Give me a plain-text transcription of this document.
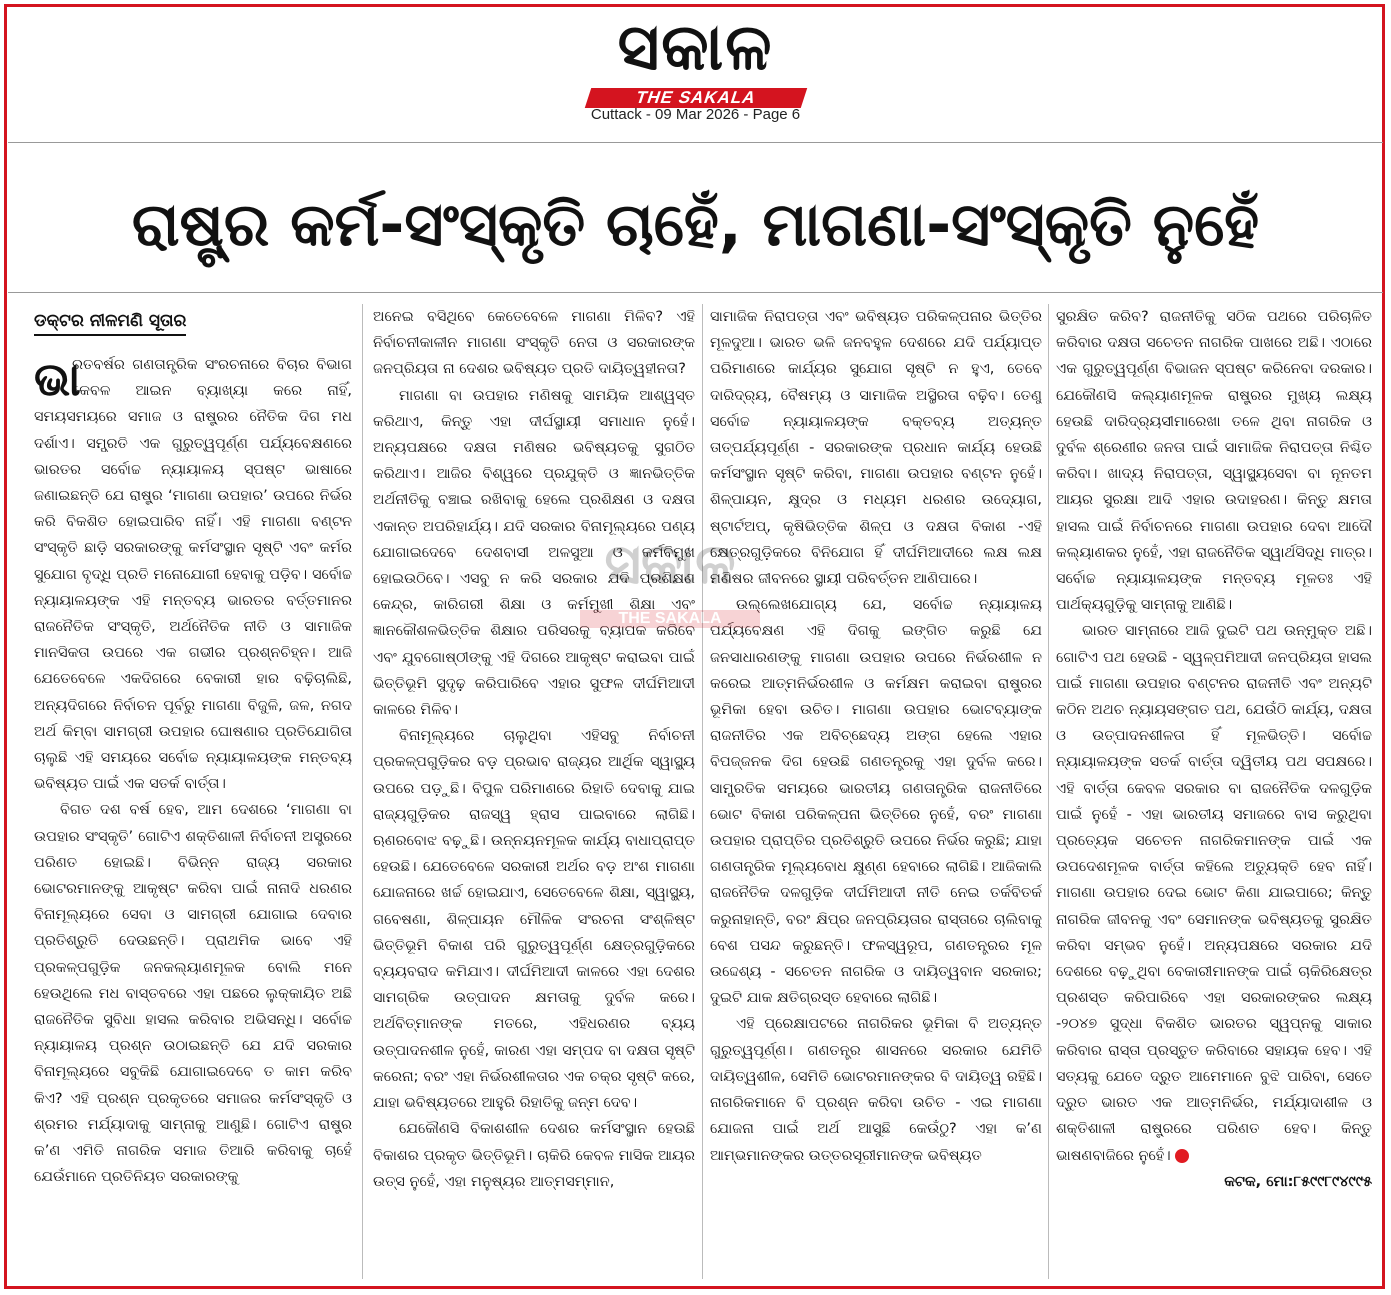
ସକାଳ
THE SAKALA
Cuttack - 09 Mar 2026 - Page 6
ରାଷ୍ଟ୍ର କର୍ମ-ସଂସ୍କୃତି ଚାହେଁ, ମାଗଣା-ସଂସ୍କୃତି ନୁହେଁ
ଡକ୍ଟର ନୀଳମଣି ସୂତାର

ଭା
ରତବର୍ଷର ଗଣତାନ୍ତ୍ରିକ ସଂରଚନାରେ ବିଚାର ବିଭାଗ କେବଳ ଆଇନ ବ୍ୟାଖ୍ୟା କରେ ନାହିଁ, ସମୟସମୟରେ ସମାଜ ଓ ରାଷ୍ଟ୍ରର ନୈତିକ ଦିଗ ମଧ ଦର୍ଶାଏ। ସମ୍ପ୍ରତି ଏକ ଗୁରୁତ୍ୱପୂର୍ଣ୍ଣ ପର୍ଯ୍ୟବେକ୍ଷଣରେ ଭାରତର ସର୍ବୋଚ୍ଚ ନ୍ୟାୟାଳୟ ସ୍ପଷ୍ଟ ଭାଷାରେ ଜଣାଇଛନ୍ତି ଯେ ରାଷ୍ଟ୍ର ‘ମାଗଣା ଉପହାର’ ଉପରେ ନିର୍ଭର କରି ବିକଶିତ ହୋଇପାରିବ ନାହିଁ। ଏହି ମାଗଣା ବଣ୍ଟନ ସଂସ୍କୃତି ଛାଡ଼ି ସରକାରଙ୍କୁ କର୍ମସଂସ୍ଥାନ ସୃଷ୍ଟି ଏବଂ କର୍ମର ସୁଯୋଗ ବୃଦ୍ଧି ପ୍ରତି ମନୋଯୋଗୀ ହେବାକୁ ପଡ଼ିବ। ସର୍ବୋଚ୍ଚ ନ୍ୟାୟାଳୟଙ୍କ ଏହି ମନ୍ତବ୍ୟ ଭାରତର ବର୍ତ୍ତମାନର ରାଜନୈତିକ ସଂସ୍କୃତି, ଅର୍ଥନୈତିକ ନୀତି ଓ ସାମାଜିକ ମାନସିକତା ଉପରେ ଏକ ଗଭୀର ପ୍ରଶ୍ନଚିହ୍ନ। ଆଜି ଯେତେବେଳେ ଏକଦିଗରେ ବେକାରୀ ହାର ବଢ଼ିଚାଲିଛି, ଅନ୍ୟଦିଗରେ ନିର୍ବାଚନ ପୂର୍ବରୁ ମାଗଣା ବିଜୁଳି, ଜଳ, ନଗଦ ଅର୍ଥ କିମ୍ବା ସାମଗ୍ରୀ ଉପହାର ଘୋଷଣାର ପ୍ରତିଯୋଗିତା ଚାଲୁଛି ଏହି ସମୟରେ ସର୍ବୋଚ୍ଚ ନ୍ୟାୟାଳୟଙ୍କ ମନ୍ତବ୍ୟ ଭବିଷ୍ୟତ ପାଇଁ ଏକ ସତର୍କ ବାର୍ତ୍ତା।

ବିଗତ ଦଶ ବର୍ଷ ହେବ, ଆମ ଦେଶରେ ‘ମାଗଣା ବା ଉପହାର ସଂସ୍କୃତି’ ଗୋଟିଏ ଶକ୍ତିଶାଳୀ ନିର୍ବାଚନୀ ଅସ୍ତ୍ରରେ ପରିଣତ ହୋଇଛି। ବିଭିନ୍ନ ରାଜ୍ୟ ସରକାର ଭୋଟରମାନଙ୍କୁ ଆକୃଷ୍ଟ କରିବା ପାଇଁ ନାନାଦି ଧରଣର ବିନାମୂଲ୍ୟରେ ସେବା ଓ ସାମଗ୍ରୀ ଯୋଗାଇ ଦେବାର ପ୍ରତିଶ୍ରୁତି ଦେଉଛନ୍ତି। ପ୍ରାଥମିକ ଭାବେ ଏହି ପ୍ରକଳ୍ପଗୁଡ଼ିକ ଜନକଲ୍ୟାଣମୂଳକ ବୋଲି ମନେ ହେଉଥିଲେ ମଧ ବାସ୍ତବରେ ଏହା ପଛରେ ଲୁକ୍କାୟିତ ଅଛି ରାଜନୈତିକ ସୁବିଧା ହାସଲ କରିବାର ଅଭିସନ୍ଧି। ସର୍ବୋଚ୍ଚ ନ୍ୟାୟାଳୟ ପ୍ରଶ୍ନ ଉଠାଇଛନ୍ତି ଯେ ଯଦି ସରକାର ବିନାମୂଲ୍ୟରେ ସବୁକିଛି ଯୋଗାଇଦେବେ ତ କାମ କରିବ କିଏ? ଏହି ପ୍ରଶ୍ନ ପ୍ରକୃତରେ ସମାଜର କର୍ମସଂସ୍କୃତି ଓ ଶ୍ରମର ମର୍ଯ୍ୟାଦାକୁ ସାମ୍ନାକୁ ଆଣୁଛି। ଗୋଟିଏ ରାଷ୍ଟ୍ର କ’ଣ ଏମିତି ନାଗରିକ ସମାଜ ତିଆରି କରିବାକୁ ଚାହେଁ ଯେଉଁମାନେ ପ୍ରତିନିୟତ ସରକାରଙ୍କୁ

ଅନେଇ ବସିଥିବେ କେତେବେଳେ ମାଗଣା ମିଳିବ? ଏହି ନିର୍ବାଚନୀକାଳୀନ ମାଗଣା ସଂସ୍କୃତି ନେତା ଓ ସରକାରଙ୍କ ଜନପ୍ରିୟତା ନା ଦେଶର ଭବିଷ୍ୟତ ପ୍ରତି ଦାୟିତ୍ୱହୀନତା?

ମାଗଣା ବା ଉପହାର ମଣିଷକୁ ସାମୟିକ ଆଶ୍ୱସ୍ତ କରିଥାଏ, କିନ୍ତୁ ଏହା ଦୀର୍ଘସ୍ଥାୟୀ ସମାଧାନ ନୁହେଁ। ଅନ୍ୟପକ୍ଷରେ ଦକ୍ଷତା ମଣିଷର ଭବିଷ୍ୟତକୁ ସୁଗଠିତ କରିଥାଏ। ଆଜିର ବିଶ୍ୱରେ ପ୍ରଯୁକ୍ତି ଓ ଜ୍ଞାନଭିତ୍ତିକ ଅର୍ଥନୀତିକୁ ବଞ୍ଚାଇ ରଖିବାକୁ ହେଲେ ପ୍ରଶିକ୍ଷଣ ଓ ଦକ୍ଷତା ଏକାନ୍ତ ଅପରିହାର୍ଯ୍ୟ। ଯଦି ସରକାର ବିନାମୂଲ୍ୟରେ ପଣ୍ୟ ଯୋଗାଇଦେବେ ଦେଶବାସୀ ଅଳସୁଆ ଓ କର୍ମବିମୁଖ ହୋଇଉଠିବେ। ଏସବୁ ନ କରି ସରକାର ଯଦି ପ୍ରଶିକ୍ଷଣ କେନ୍ଦ୍ର, କାରିଗରୀ ଶିକ୍ଷା ଓ କର୍ମମୁଖୀ ଶିକ୍ଷା ଏବଂ ଜ୍ଞାନକୌଶଳଭିତ୍ତିକ ଶିକ୍ଷାର ପରିସରକୁ ବ୍ୟାପକ କରିବେ ଏବଂ ଯୁବଗୋଷ୍ଠୀଙ୍କୁ ଏହି ଦିଗରେ ଆକୃଷ୍ଟ କରାଇବା ପାଇଁ ଭିତ୍ତିଭୂମି ସୁଦୃଢ଼ କରିପାରିବେ ଏହାର ସୁଫଳ ଦୀର୍ଘମିଆଦୀ କାଳରେ ମିଳିବ।

ବିନାମୂଲ୍ୟରେ ଚାଲୁଥିବା ଏହିସବୁ ନିର୍ବାଚନୀ ପ୍ରକଳ୍ପଗୁଡ଼ିକର ବଡ଼ ପ୍ରଭାବ ରାଜ୍ୟର ଆର୍ଥିକ ସ୍ୱାସ୍ଥ୍ୟ ଉପରେ ପଡ଼ୁଛି। ବିପୁଳ ପରିମାଣରେ ରିହାତି ଦେବାକୁ ଯାଇ ରାଜ୍ୟଗୁଡ଼ିକର ରାଜସ୍ୱ ହ୍ରାସ ପାଇବାରେ ଲାଗିଛି। ଋଣରବୋଝ ବଢ଼ୁଛି। ଉନ୍ନୟନମୂଳକ କାର୍ଯ୍ୟ ବାଧାପ୍ରାପ୍ତ ହେଉଛି। ଯେତେବେଳେ ସରକାରୀ ଅର୍ଥର ବଡ଼ ଅଂଶ ମାଗଣା ଯୋଜନାରେ ଖର୍ଚ୍ଚ ହୋଇଯାଏ, ସେତେବେଳେ ଶିକ୍ଷା, ସ୍ୱାସ୍ଥ୍ୟ, ଗବେଷଣା, ଶିଳ୍ପାୟନ ମୌଳିକ ସଂରଚନା ସଂଶ୍ଳିଷ୍ଟ ଭିତ୍ତିଭୂମି ବିକାଶ ପରି ଗୁରୁତ୍ୱପୂର୍ଣ୍ଣ କ୍ଷେତ୍ରଗୁଡ଼ିକରେ ବ୍ୟୟବରାଦ କମିଯାଏ। ଦୀର୍ଘମିଆଦୀ କାଳରେ ଏହା ଦେଶର ସାମଗ୍ରିକ ଉତ୍ପାଦନ କ୍ଷମତାକୁ ଦୁର୍ବଳ କରେ। ଅର୍ଥବିତ୍‌ମାନଙ୍କ ମତରେ, ଏହିଧରଣର ବ୍ୟୟ ଉତ୍ପାଦନଶୀଳ ନୁହେଁ, କାରଣ ଏହା ସମ୍ପଦ ବା ଦକ୍ଷତା ସୃଷ୍ଟି କରେନା; ବରଂ ଏହା ନିର୍ଭରଶୀଳତାର ଏକ ଚକ୍ର ସୃଷ୍ଟି କରେ, ଯାହା ଭବିଷ୍ୟତରେ ଆହୁରି ରିହାତିକୁ ଜନ୍ମ ଦେବ।

ଯେକୌଣସି ବିକାଶଶୀଳ ଦେଶର କର୍ମସଂସ୍ଥାନ ହେଉଛି ବିକାଶର ପ୍ରକୃତ ଭିତ୍ତିଭୂମି। ଚାକିରି କେବଳ ମାସିକ ଆୟର ଉତ୍ସ ନୁହେଁ, ଏହା ମନୁଷ୍ୟର ଆତ୍ମସମ୍ମାନ,

ସାମାଜିକ ନିରାପତ୍ତା ଏବଂ ଭବିଷ୍ୟତ ପରିକଳ୍ପନାର ଭିତ୍ତିର ମୂଳଦୁଆ। ଭାରତ ଭଳି ଜନବହୁଳ ଦେଶରେ ଯଦି ପର୍ଯ୍ୟାପ୍ତ ପରିମାଣରେ କାର୍ଯ୍ୟର ସୁଯୋଗ ସୃଷ୍ଟି ନ ହୁଏ, ତେବେ ଦାରିଦ୍ର୍ୟ, ବୈଷମ୍ୟ ଓ ସାମାଜିକ ଅସ୍ଥିରତା ବଢ଼ିବ। ତେଣୁ ସର୍ବୋଚ୍ଚ ନ୍ୟାୟାଳୟଙ୍କ ବକ୍ତବ୍ୟ ଅତ୍ୟନ୍ତ ତାତ୍ପର୍ଯ୍ୟପୂର୍ଣ୍ଣ - ସରକାରଙ୍କ ପ୍ରଧାନ କାର୍ଯ୍ୟ ହେଉଛି କର୍ମସଂସ୍ଥାନ ସୃଷ୍ଟି କରିବା, ମାଗଣା ଉପହାର ବଣ୍ଟନ ନୁହେଁ। ଶିଳ୍ପାୟନ, କ୍ଷୁଦ୍ର ଓ ମଧ୍ୟମ ଧରଣର ଉଦ୍ୟୋଗ, ଷ୍ଟାର୍ଟଅପ୍, କୃଷିଭିତ୍ତିକ ଶିଳ୍ପ ଓ ଦକ୍ଷତା ବିକାଶ -ଏହି କ୍ଷେତ୍ରଗୁଡ଼ିକରେ ବିନିଯୋଗ ହିଁ ଦୀର୍ଘମିଆଦୀରେ ଲକ୍ଷ ଲକ୍ଷ ମଣିଷର ଜୀବନରେ ସ୍ଥାୟୀ ପରିବର୍ତ୍ତନ ଆଣିପାରେ।

ଉଲ୍ଲେଖଯୋଗ୍ୟ ଯେ, ସର୍ବୋଚ୍ଚ ନ୍ୟାୟାଳୟ ପର୍ଯ୍ୟବେକ୍ଷଣ ଏହି ଦିଗକୁ ଇଙ୍ଗିତ କରୁଛି ଯେ ଜନସାଧାରଣଙ୍କୁ ମାଗଣା ଉପହାର ଉପରେ ନିର୍ଭରଶୀଳ ନ କରେଇ ଆତ୍ମନିର୍ଭରଶୀଳ ଓ କର୍ମକ୍ଷମ କରାଇବା ରାଷ୍ଟ୍ରର ଭୂମିକା ହେବା ଉଚିତ। ମାଗଣା ଉପହାର ଭୋଟବ୍ୟାଙ୍କ ରାଜନୀତିର ଏକ ଅବିଚ୍ଛେଦ୍ୟ ଅଙ୍ଗ ହେଲେ ଏହାର ବିପଜ୍ଜନକ ଦିଗ ହେଉଛି ଗଣତନ୍ତ୍ରକୁ ଏହା ଦୁର୍ବଳ କରେ। ସାମ୍ପ୍ରତିକ ସମୟରେ ଭାରତୀୟ ଗଣତାନ୍ତ୍ରିକ ରାଜନୀତିରେ ଭୋଟ ବିକାଶ ପରିକଳ୍ପନା ଭିତ୍ତିରେ ନୁହେଁ, ବରଂ ମାଗଣା ଉପହାର ପ୍ରାପ୍ତିର ପ୍ରତିଶ୍ରୁତି ଉପରେ ନିର୍ଭର କରୁଛି; ଯାହା ଗଣତାନ୍ତ୍ରିକ ମୂଲ୍ୟବୋଧ କ୍ଷୁଣ୍ଣ ହେବାରେ ଲାଗିଛି। ଆଜିକାଲି ରାଜନୈତିକ ଦଳଗୁଡ଼ିକ ଦୀର୍ଘମିଆଦୀ ନୀତି ନେଇ ତର୍କବିତର୍କ କରୁନାହାନ୍ତି, ବରଂ କ୍ଷିପ୍ର ଜନପ୍ରିୟତାର ରାସ୍ତାରେ ଚାଲିବାକୁ ବେଶ ପସନ୍ଦ କରୁଛନ୍ତି। ଫଳସ୍ୱରୂପ, ଗଣତନ୍ତ୍ରର ମୂଳ ଉଦ୍ଦେଶ୍ୟ - ସଚେତନ ନାଗରିକ ଓ ଦାୟିତ୍ୱବାନ ସରକାର; ଦୁଇଟି ଯାକ କ୍ଷତିଗ୍ରସ୍ତ ହେବାରେ ଲାଗିଛି।

ଏହି ପ୍ରେକ୍ଷାପଟରେ ନାଗରିକର ଭୂମିକା ବି ଅତ୍ୟନ୍ତ ଗୁରୁତ୍ୱପୂର୍ଣ୍ଣ। ଗଣତନ୍ତ୍ର ଶାସନରେ ସରକାର ଯେମିତି ଦାୟିତ୍ୱଶୀଳ, ସେମିତି ଭୋଟରମାନଙ୍କର ବି ଦାୟିତ୍ୱ ରହିଛି। ନାଗରିକମାନେ ବି ପ୍ରଶ୍ନ କରିବା ଉଚିତ - ଏଇ ମାଗଣା ଯୋଜନା ପାଇଁ ଅର୍ଥ ଆସୁଛି କେଉଁଠୁ? ଏହା କ’ଣ ଆମ୍ଭମାନଙ୍କର ଉତ୍ତରସୂରୀମାନଙ୍କ ଭବିଷ୍ୟତ

ସୁରକ୍ଷିତ କରିବ? ରାଜନୀତିକୁ ସଠିକ ପଥରେ ପରିଚାଳିତ କରିବାର ଦକ୍ଷତା ସଚେତନ ନାଗରିକ ପାଖରେ ଅଛି। ଏଠାରେ ଏକ ଗୁରୁତ୍ୱପୂର୍ଣ୍ଣ ବିଭାଜନ ସ୍ପଷ୍ଟ କରିନେବା ଦରକାର। ଯେକୌଣସି କଲ୍ୟାଣମୂଳକ ରାଷ୍ଟ୍ରର ମୁଖ୍ୟ ଲକ୍ଷ୍ୟ ହେଉଛି ଦାରିଦ୍ର୍ୟସୀମାରେଖା ତଳେ ଥିବା ନାଗରିକ ଓ ଦୁର୍ବଳ ଶ୍ରେଣୀର ଜନତା ପାଇଁ ସାମାଜିକ ନିରାପତ୍ତା ନିଶ୍ଚିତ କରିବା। ଖାଦ୍ୟ ନିରାପତ୍ତା, ସ୍ୱାସ୍ଥ୍ୟସେବା ବା ନୂନତମ ଆୟର ସୁରକ୍ଷା ଆଦି ଏହାର ଉଦାହରଣ। କିନ୍ତୁ କ୍ଷମତା ହାସଲ ପାଇଁ ନିର୍ବାଚନରେ ମାଗଣା ଉପହାର ଦେବା ଆଦୌ କଲ୍ୟାଣକର ନୁହେଁ, ଏହା ରାଜନୈତିକ ସ୍ୱାର୍ଥସିଦ୍ଧି ମାତ୍ର। ସର୍ବୋଚ୍ଚ ନ୍ୟାୟାଳୟଙ୍କ ମନ୍ତବ୍ୟ ମୂଳତଃ ଏହି ପାର୍ଥକ୍ୟଗୁଡ଼ିକୁ ସାମ୍ନାକୁ ଆଣିଛି।

ଭାରତ ସାମ୍ନାରେ ଆଜି ଦୁଇଟି ପଥ ଉନ୍ମୁକ୍ତ ଅଛି। ଗୋଟିଏ ପଥ ହେଉଛି - ସ୍ୱଳ୍ପମିଆଦୀ ଜନପ୍ରିୟତା ହାସଲ ପାଇଁ ମାଗଣା ଉପହାର ବଣ୍ଟନର ରାଜନୀତି ଏବଂ ଅନ୍ୟଟି କଠିନ ଅଥଚ ନ୍ୟାୟସଙ୍ଗତ ପଥ, ଯେଉଁଠି କାର୍ଯ୍ୟ, ଦକ୍ଷତା ଓ ଉତ୍ପାଦନଶୀଳତା ହିଁ ମୂଳଭିତ୍ତି। ସର୍ବୋଚ୍ଚ ନ୍ୟାୟାଳୟଙ୍କ ସତର୍କ ବାର୍ତ୍ତା ଦ୍ୱିତୀୟ ପଥ ସପକ୍ଷରେ। ଏହି ବାର୍ତ୍ତା କେବଳ ସରକାର ବା ରାଜନୈତିକ ଦଳଗୁଡ଼ିକ ପାଇଁ ନୁହେଁ - ଏହା ଭାରତୀୟ ସମାଜରେ ବାସ କରୁଥିବା ପ୍ରତ୍ୟେକ ସଚେତନ ନାଗରିକମାନଙ୍କ ପାଇଁ ଏକ ଉପଦେଶମୂଳକ ବାର୍ତ୍ତା କହିଲେ ଅତ୍ୟୁକ୍ତି ହେବ ନାହିଁ। ମାଗଣା ଉପହାର ଦେଇ ଭୋଟ କିଣା ଯାଇପାରେ; କିନ୍ତୁ ନାଗରିକ ଜୀବନକୁ ଏବଂ ସେମାନଙ୍କ ଭବିଷ୍ୟତକୁ ସୁରକ୍ଷିତ କରିବା ସମ୍ଭବ ନୁହେଁ। ଅନ୍ୟପକ୍ଷରେ ସରକାର ଯଦି ଦେଶରେ ବଢ଼ୁଥିବା ବେକାରୀମାନଙ୍କ ପାଇଁ ଚାକିରିକ୍ଷେତ୍ର ପ୍ରଶସ୍ତ କରିପାରିବେ ଏହା ସରକାରଙ୍କର ଲକ୍ଷ୍ୟ -୨୦୪୭ ସୁଦ୍ଧା ବିକଶିତ ଭାରତର ସ୍ୱପ୍ନକୁ ସାକାର କରିବାର ରାସ୍ତା ପ୍ରସ୍ତୁତ କରିବାରେ ସହାୟକ ହେବ। ଏହି ସତ୍ୟକୁ ଯେତେ ଦ୍ରୁତ ଆମେମାନେ ବୁଝି ପାରିବା, ସେତେ ଦ୍ରୁତ ଭାରତ ଏକ ଆତ୍ମନିର୍ଭର, ମର୍ଯ୍ୟାଦାଶୀଳ ଓ ଶକ୍ତିଶାଳୀ ରାଷ୍ଟ୍ରରେ ପରିଣତ ହେବ। କିନ୍ତୁ ଭାଷଣବାଜିରେ ନୁହେଁ।

କଟକ, ମୋ:୮୫୯୯୮୯୪୯୯୫

ସକାଳ
THE SAKALA
